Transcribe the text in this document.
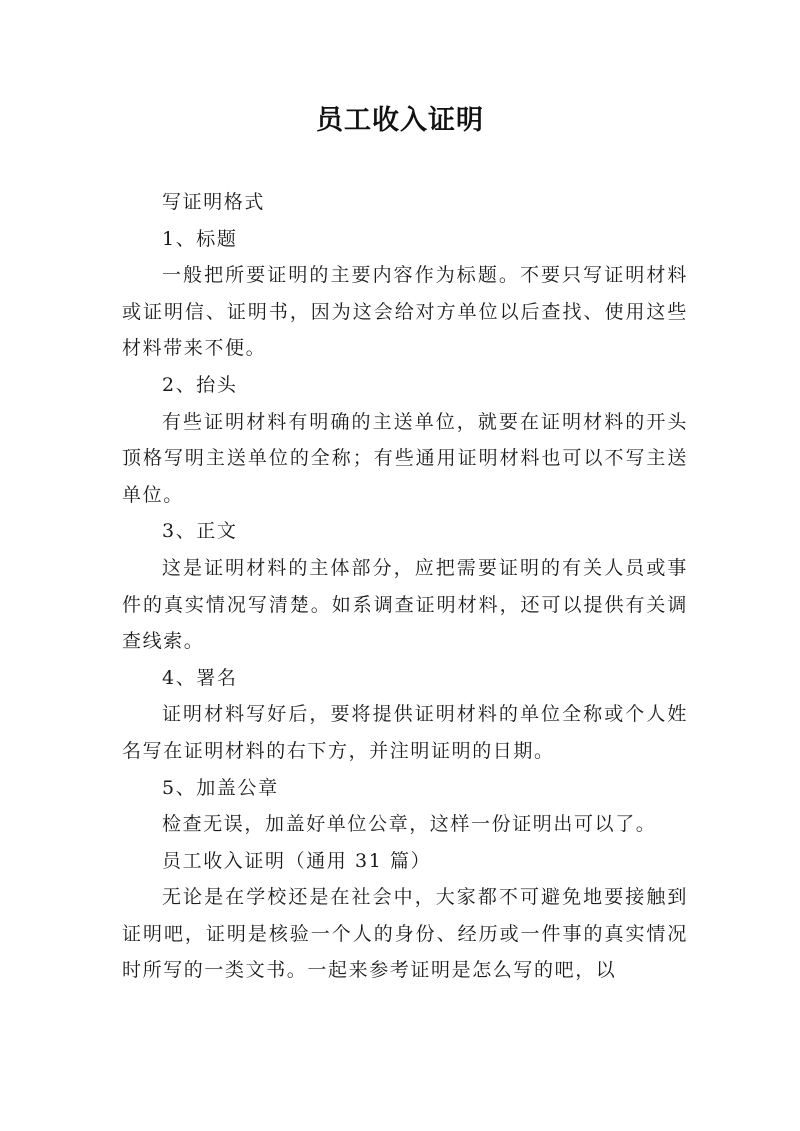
员工收入证明

写证明格式

1、标题

一般把所要证明的主要内容作为标题。不要只写证明材料或证明信、证明书，因为这会给对方单位以后查找、使用这些材料带来不便。

2、抬头

有些证明材料有明确的主送单位，就要在证明材料的开头顶格写明主送单位的全称；有些通用证明材料也可以不写主送单位。

3、正文

这是证明材料的主体部分，应把需要证明的有关人员或事件的真实情况写清楚。如系调查证明材料，还可以提供有关调查线索。

4、署名

证明材料写好后，要将提供证明材料的单位全称或个人姓名写在证明材料的右下方，并注明证明的日期。

5、加盖公章

检查无误，加盖好单位公章，这样一份证明出可以了。

员工收入证明（通用 31 篇）

无论是在学校还是在社会中，大家都不可避免地要接触到证明吧，证明是核验一个人的身份、经历或一件事的真实情况时所写的一类文书。一起来参考证明是怎么写的吧，以
